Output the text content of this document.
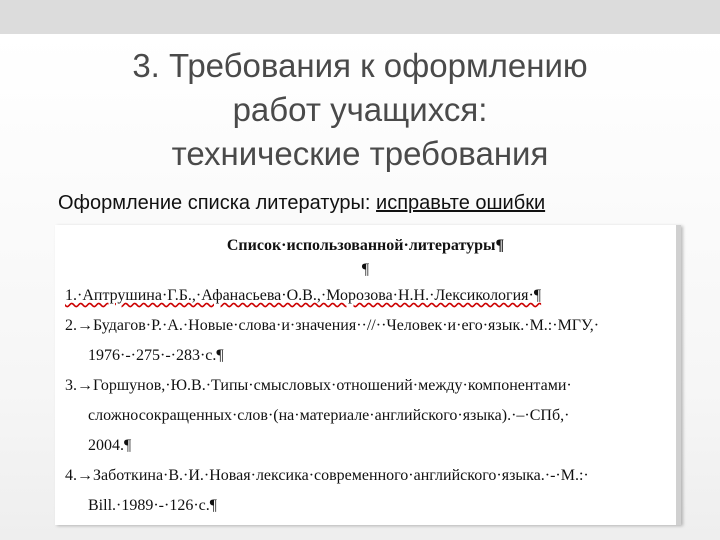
3. Требования к оформлению
работ учащихся:
технические требования
Оформление списка литературы: исправьте ошибки
Список·использованной·литературы¶
¶
1.·Аптрушина·Г.Б.,·Афанасьева·О.В.,·Морозова·Н.Н.·Лексикология·¶
2.→Будагов·Р.·А.·Новые·слова·и·значения··//··Человек·и·его·язык.·М.:·МГУ,·
1976·-·275·-·283·с.¶
3.→Горшунов,·Ю.В.·Типы·смысловых·отношений·между·компонентами·
сложносокращенных·слов·(на·материале·английского·языка).·–·СПб,·
2004.¶
4.→Заботкина·В.·И.·Новая·лексика·современного·английского·языка.·-·М.:·
Bill.·1989·-·126·с.¶
